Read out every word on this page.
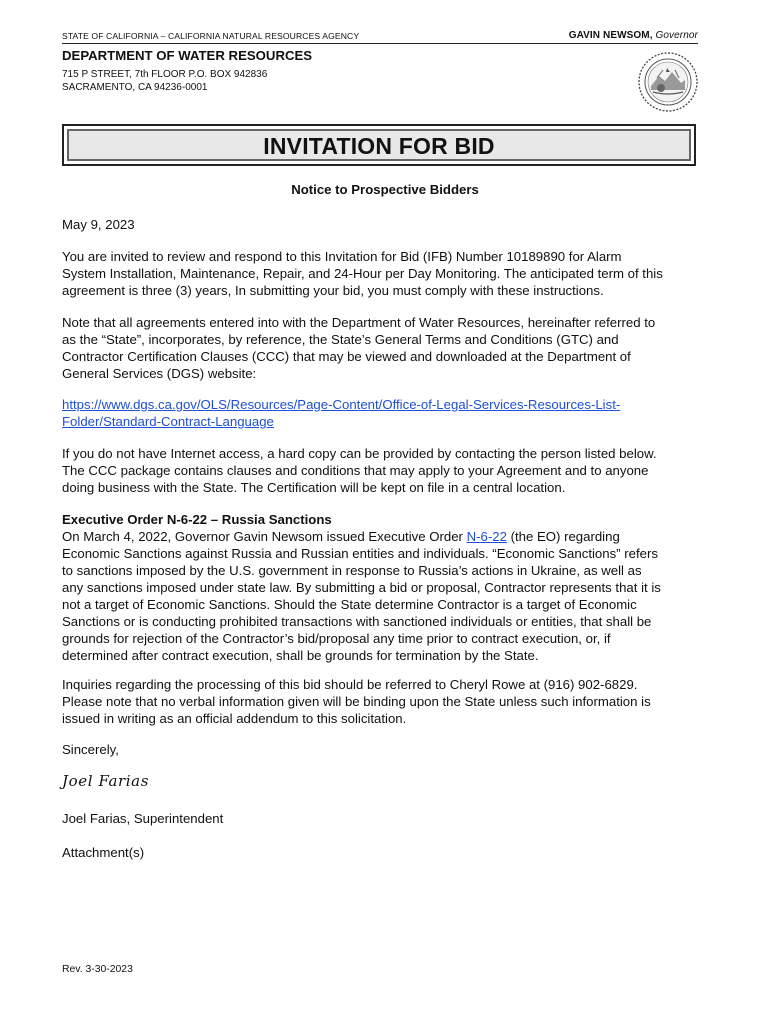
STATE OF CALIFORNIA – CALIFORNIA NATURAL RESOURCES AGENCY	GAVIN NEWSOM, Governor
DEPARTMENT OF WATER RESOURCES
715 P STREET, 7th FLOOR P.O. BOX 942836
SACRAMENTO, CA 94236-0001
INVITATION FOR BID
Notice to Prospective Bidders
May 9, 2023
You are invited to review and respond to this Invitation for Bid (IFB) Number 10189890 for Alarm
System Installation, Maintenance, Repair, and 24-Hour per Day Monitoring. The anticipated term of this
agreement is three (3) years, In submitting your bid, you must comply with these instructions.
Note that all agreements entered into with the Department of Water Resources, hereinafter referred to
as the “State”, incorporates, by reference, the State’s General Terms and Conditions (GTC) and
Contractor Certification Clauses (CCC) that may be viewed and downloaded at the Department of
General Services (DGS) website:
https://www.dgs.ca.gov/OLS/Resources/Page-Content/Office-of-Legal-Services-Resources-List-
Folder/Standard-Contract-Language
If you do not have Internet access, a hard copy can be provided by contacting the person listed below.
The CCC package contains clauses and conditions that may apply to your Agreement and to anyone
doing business with the State. The Certification will be kept on file in a central location.
Executive Order N-6-22 – Russia Sanctions
On March 4, 2022, Governor Gavin Newsom issued Executive Order N-6-22 (the EO) regarding
Economic Sanctions against Russia and Russian entities and individuals. “Economic Sanctions” refers
to sanctions imposed by the U.S. government in response to Russia’s actions in Ukraine, as well as
any sanctions imposed under state law. By submitting a bid or proposal, Contractor represents that it is
not a target of Economic Sanctions. Should the State determine Contractor is a target of Economic
Sanctions or is conducting prohibited transactions with sanctioned individuals or entities, that shall be
grounds for rejection of the Contractor’s bid/proposal any time prior to contract execution, or, if
determined after contract execution, shall be grounds for termination by the State.
Inquiries regarding the processing of this bid should be referred to Cheryl Rowe at (916) 902-6829.
Please note that no verbal information given will be binding upon the State unless such information is
issued in writing as an official addendum to this solicitation.
Sincerely,
Joel Farias
Joel Farias, Superintendent
Attachment(s)
Rev. 3-30-2023
